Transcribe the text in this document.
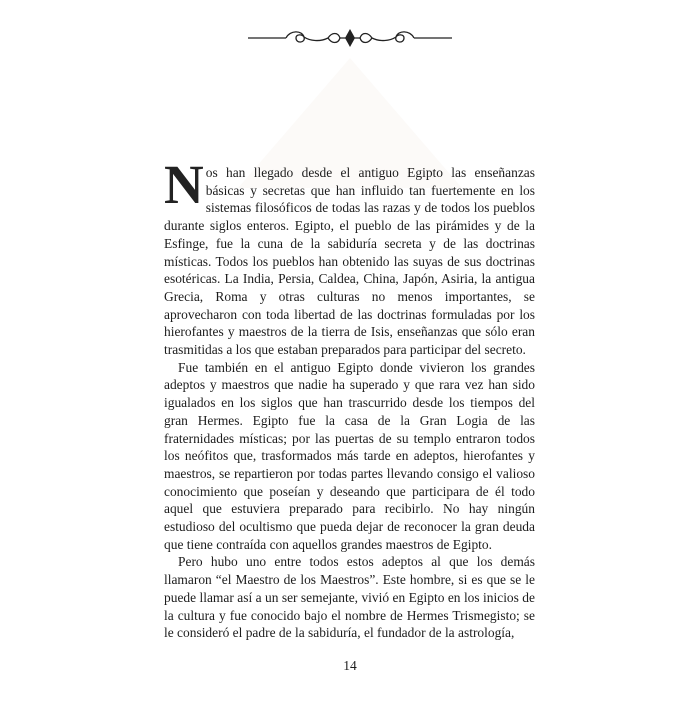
Nos han llegado desde el antiguo Egipto las enseñanzas básicas y secretas que han influido tan fuertemente en los sistemas filosóficos de todas las razas y de todos los pueblos durante siglos enteros. Egipto, el pueblo de las pirámides y de la Esfinge, fue la cuna de la sabiduría secreta y de las doctrinas místicas. Todos los pueblos han obtenido las suyas de sus doctrinas esotéricas. La India, Persia, Caldea, China, Japón, Asiria, la antigua Grecia, Roma y otras culturas no menos importantes, se aprovecharon con toda libertad de las doctrinas formuladas por los hierofantes y maestros de la tierra de Isis, enseñanzas que sólo eran trasmitidas a los que estaban preparados para participar del secreto.

Fue también en el antiguo Egipto donde vivieron los grandes adeptos y maestros que nadie ha superado y que rara vez han sido igualados en los siglos que han trascurrido desde los tiempos del gran Hermes. Egipto fue la casa de la Gran Logia de las fraternidades místicas; por las puertas de su templo entraron todos los neófitos que, trasformados más tarde en adeptos, hierofantes y maestros, se repartieron por todas partes llevando consigo el valioso conocimiento que poseían y deseando que participara de él todo aquel que estuviera preparado para recibirlo. No hay ningún estudioso del ocultismo que pueda dejar de reconocer la gran deuda que tiene contraída con aquellos grandes maestros de Egipto.

Pero hubo uno entre todos estos adeptos al que los demás llamaron “el Maestro de los Maestros”. Este hombre, si es que se le puede llamar así a un ser semejante, vivió en Egipto en los inicios de la cultura y fue conocido bajo el nombre de Hermes Trismegisto; se le consideró el padre de la sabiduría, el fundador de la astrología,

14
